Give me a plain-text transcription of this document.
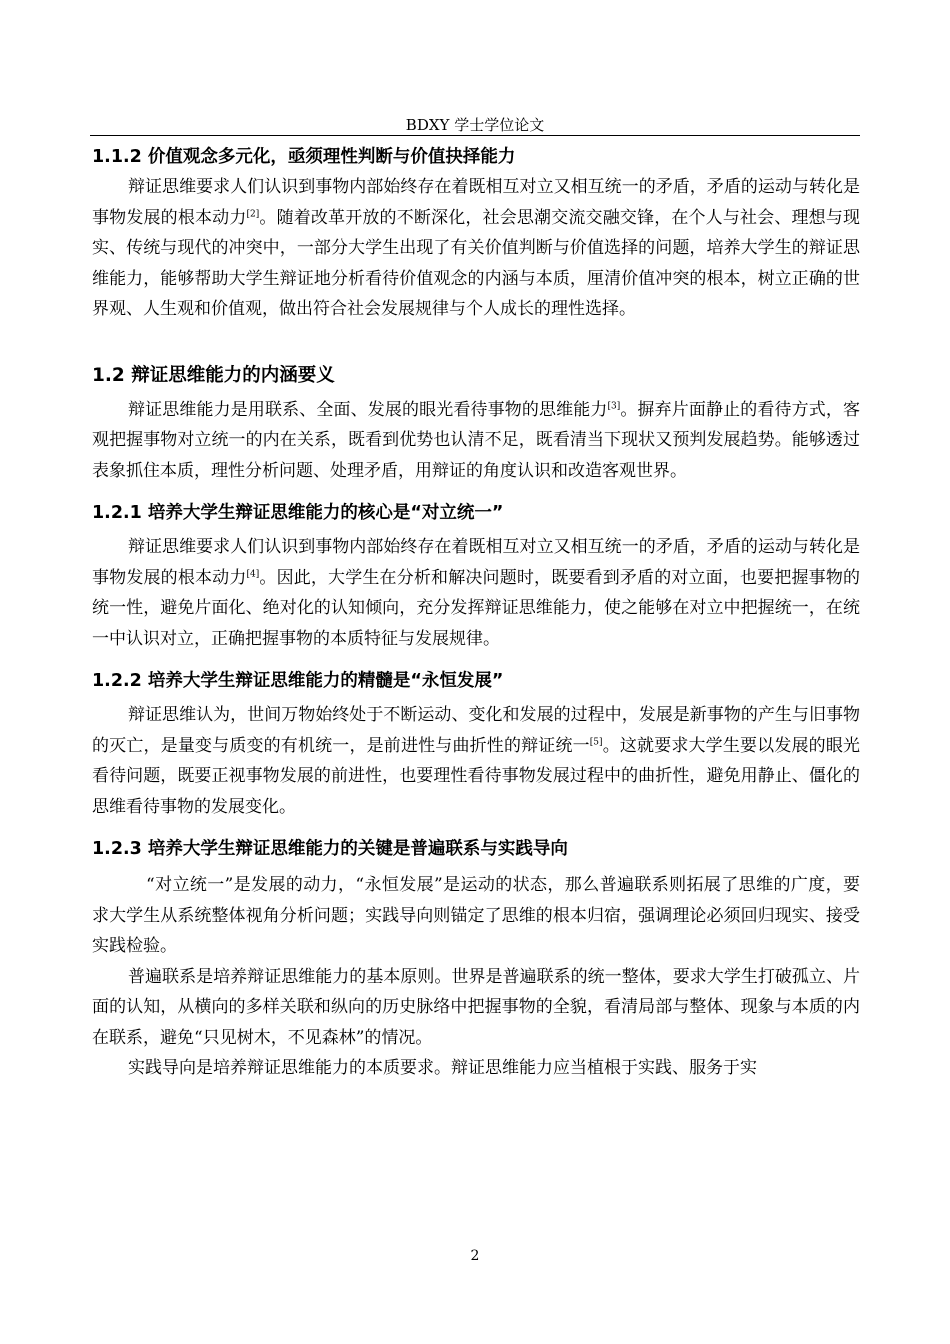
BDXY 学士学位论文
1.1.2 价值观念多元化，亟须理性判断与价值抉择能力

辩证思维要求人们认识到事物内部始终存在着既相互对立又相互统一的矛盾，矛盾的运动与转化是事物发展的根本动力[2]。随着改革开放的不断深化，社会思潮交流交融交锋，在个人与社会、理想与现实、传统与现代的冲突中，一部分大学生出现了有关价值判断与价值选择的问题，培养大学生的辩证思维能力，能够帮助大学生辩证地分析看待价值观念的内涵与本质，厘清价值冲突的根本，树立正确的世界观、人生观和价值观，做出符合社会发展规律与个人成长的理性选择。

1.2 辩证思维能力的内涵要义

辩证思维能力是用联系、全面、发展的眼光看待事物的思维能力[3]。摒弃片面静止的看待方式，客观把握事物对立统一的内在关系，既看到优势也认清不足，既看清当下现状又预判发展趋势。能够透过表象抓住本质，理性分析问题、处理矛盾，用辩证的角度认识和改造客观世界。

1.2.1 培养大学生辩证思维能力的核心是“对立统一”

辩证思维要求人们认识到事物内部始终存在着既相互对立又相互统一的矛盾，矛盾的运动与转化是事物发展的根本动力[4]。因此，大学生在分析和解决问题时，既要看到矛盾的对立面，也要把握事物的统一性，避免片面化、绝对化的认知倾向，充分发挥辩证思维能力，使之能够在对立中把握统一，在统一中认识对立，正确把握事物的本质特征与发展规律。

1.2.2 培养大学生辩证思维能力的精髓是“永恒发展”

辩证思维认为，世间万物始终处于不断运动、变化和发展的过程中，发展是新事物的产生与旧事物的灭亡，是量变与质变的有机统一，是前进性与曲折性的辩证统一[5]。这就要求大学生要以发展的眼光看待问题，既要正视事物发展的前进性，也要理性看待事物发展过程中的曲折性，避免用静止、僵化的思维看待事物的发展变化。

1.2.3 培养大学生辩证思维能力的关键是普遍联系与实践导向

“对立统一”是发展的动力，“永恒发展”是运动的状态，那么普遍联系则拓展了思维的广度，要求大学生从系统整体视角分析问题；实践导向则锚定了思维的根本归宿，强调理论必须回归现实、接受实践检验。

普遍联系是培养辩证思维能力的基本原则。世界是普遍联系的统一整体，要求大学生打破孤立、片面的认知，从横向的多样关联和纵向的历史脉络中把握事物的全貌，看清局部与整体、现象与本质的内在联系，避免“只见树木，不见森林”的情况。

实践导向是培养辩证思维能力的本质要求。辩证思维能力应当植根于实践、服务于实

2
